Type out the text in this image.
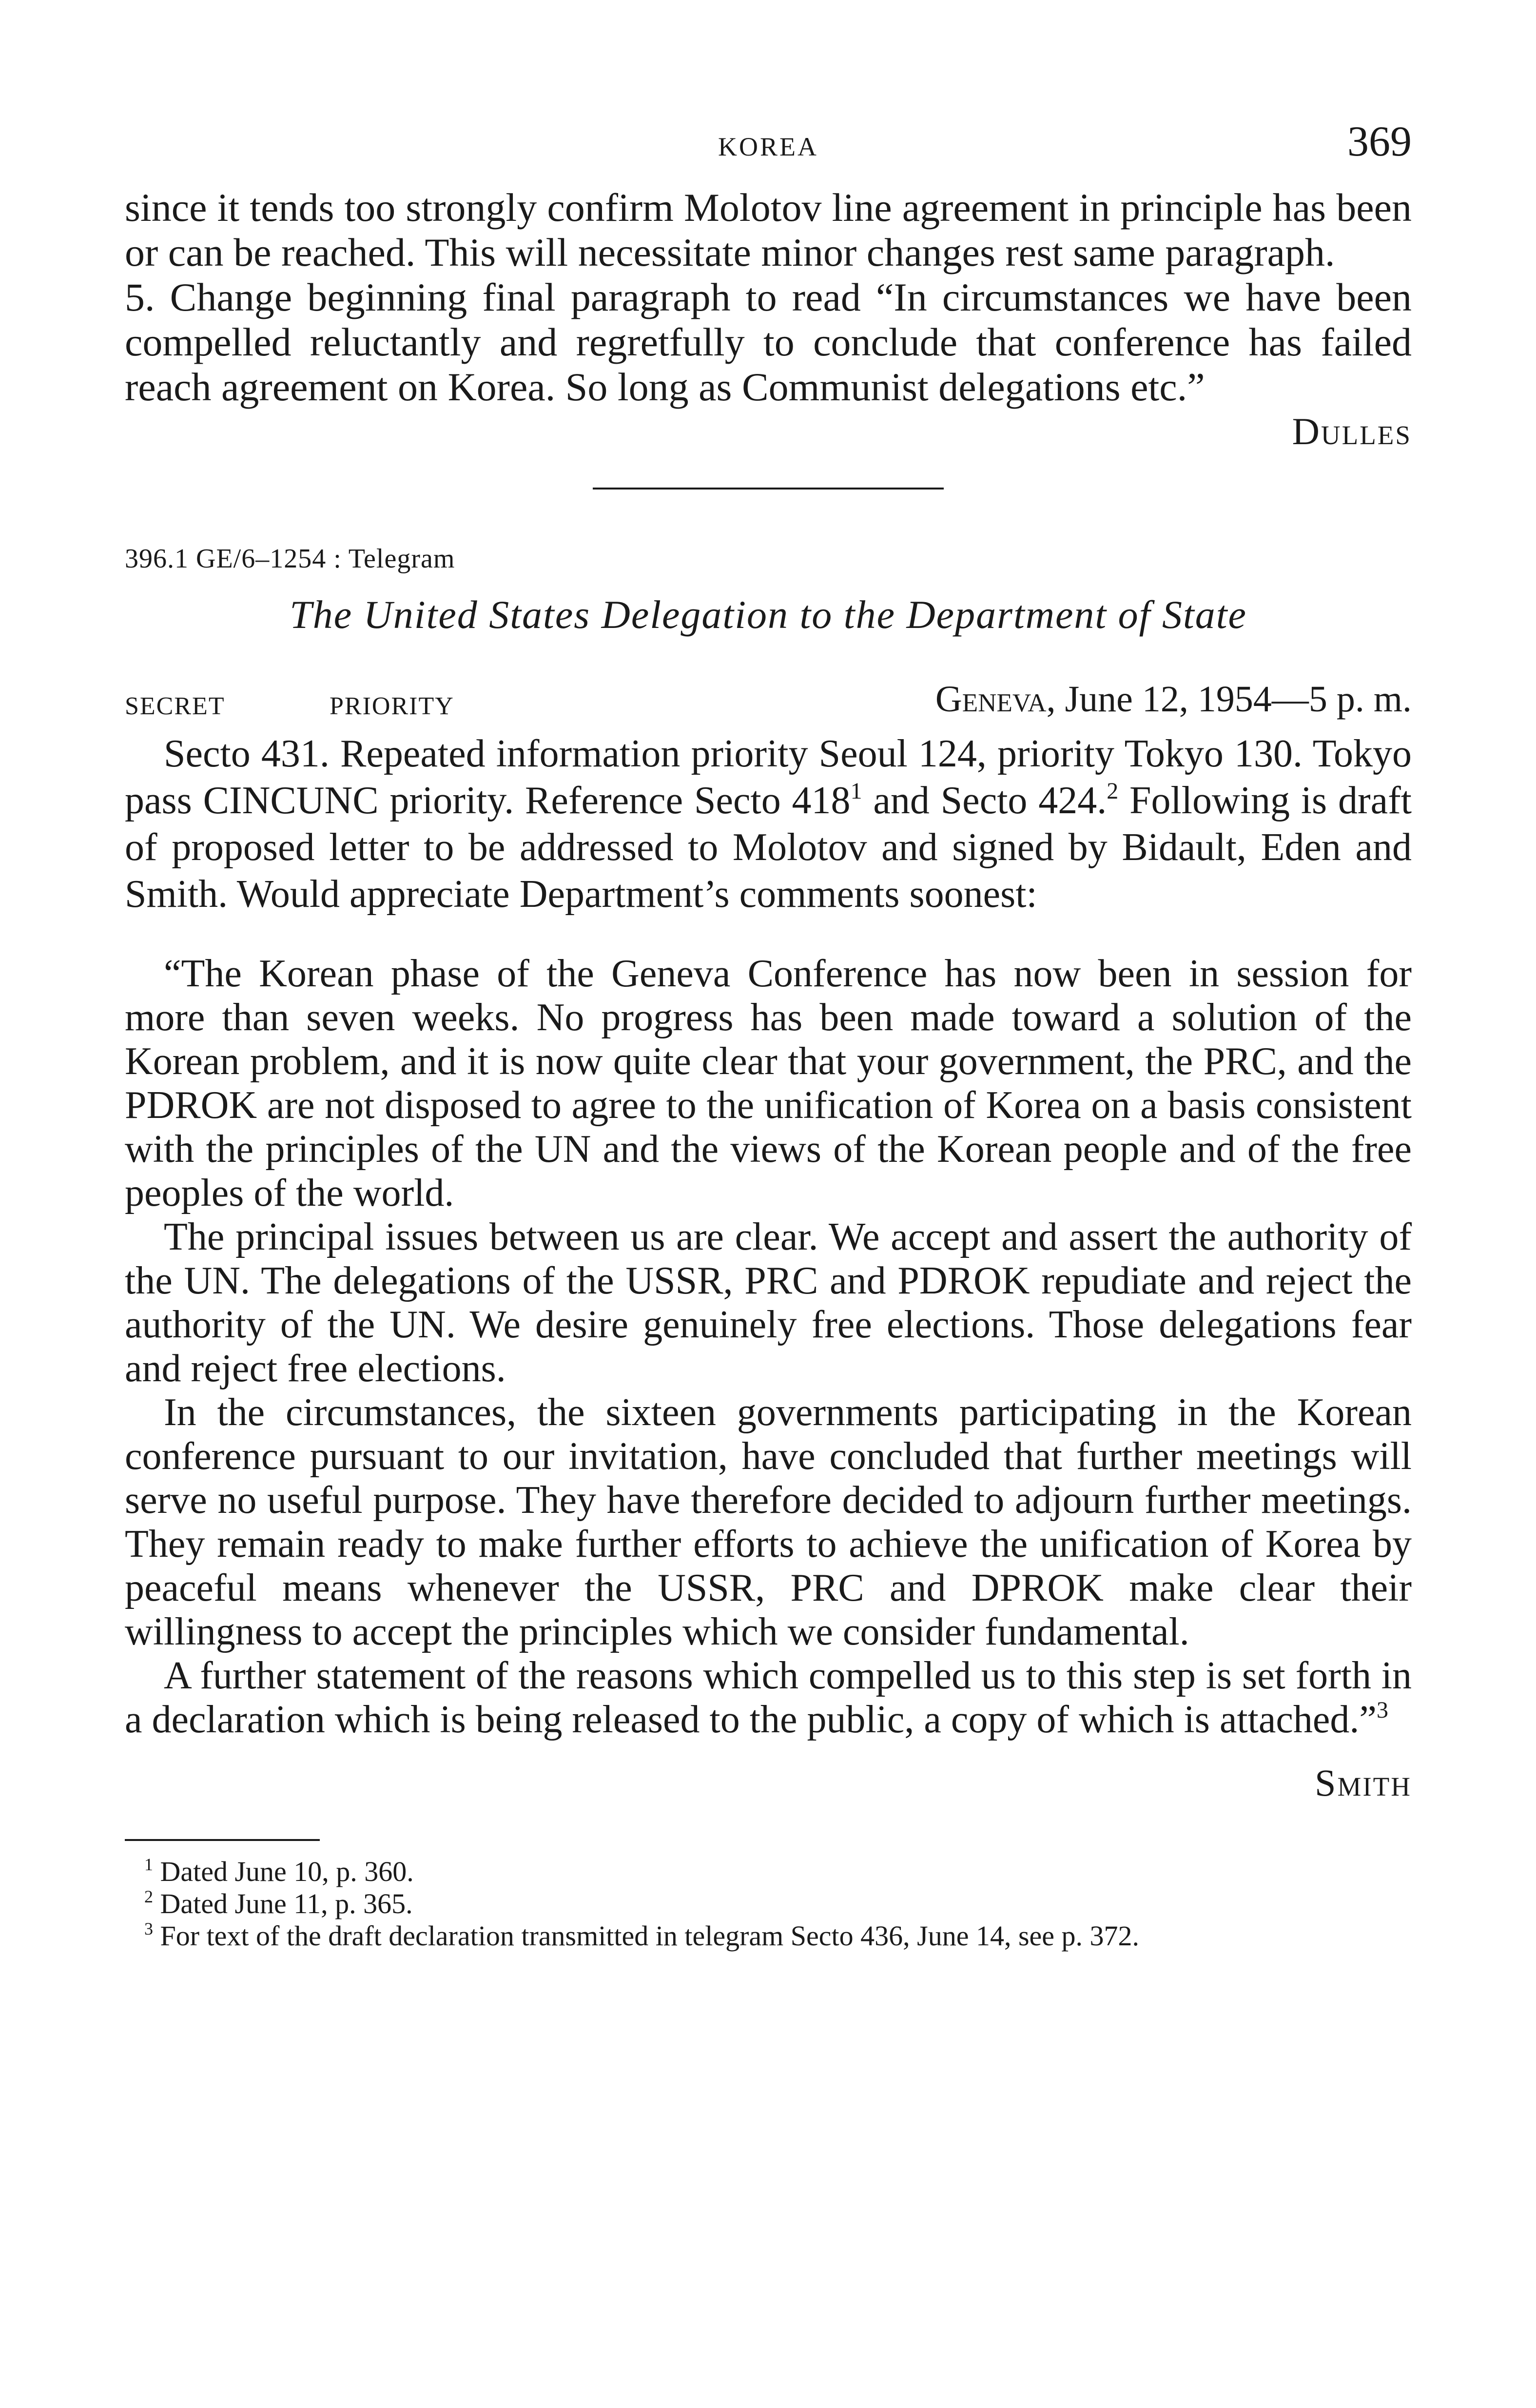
KOREA	369

since it tends too strongly confirm Molotov line agreement in principle has been or can be reached. This will necessitate minor changes rest same paragraph.

5. Change beginning final paragraph to read “In circumstances we have been compelled reluctantly and regretfully to conclude that conference has failed reach agreement on Korea. So long as Communist delegations etc.”

Dulles
396.1 GE/6–1254 : Telegram
The United States Delegation to the Department of State
SECRET	PRIORITY	Geneva, June 12, 1954—5 p. m.

Secto 431. Repeated information priority Seoul 124, priority Tokyo 130. Tokyo pass CINCUNC priority. Reference Secto $418^1$ and Secto 424.$^2$ Following is draft of proposed letter to be addressed to Molotov and signed by Bidault, Eden and Smith. Would appreciate Department’s comments soonest:

“The Korean phase of the Geneva Conference has now been in session for more than seven weeks. No progress has been made toward a solution of the Korean problem, and it is now quite clear that your government, the PRC, and the PDROK are not disposed to agree to the unification of Korea on a basis consistent with the principles of the UN and the views of the Korean people and of the free peoples of the world.

The principal issues between us are clear. We accept and assert the authority of the UN. The delegations of the USSR, PRC and PDROK repudiate and reject the authority of the UN. We desire genuinely free elections. Those delegations fear and reject free elections.

In the circumstances, the sixteen governments participating in the Korean conference pursuant to our invitation, have concluded that further meetings will serve no useful purpose. They have therefore decided to adjourn further meetings. They remain ready to make further efforts to achieve the unification of Korea by peaceful means whenever the USSR, PRC and DPROK make clear their willingness to accept the principles which we consider fundamental.

A further statement of the reasons which compelled us to this step is set forth in a declaration which is being released to the public, a copy of which is attached.”$^3$

Smith

$^1$ Dated June 10, p. 360.

$^2$ Dated June 11, p. 365.

$^3$ For text of the draft declaration transmitted in telegram Secto 436, June 14, see p. 372.
